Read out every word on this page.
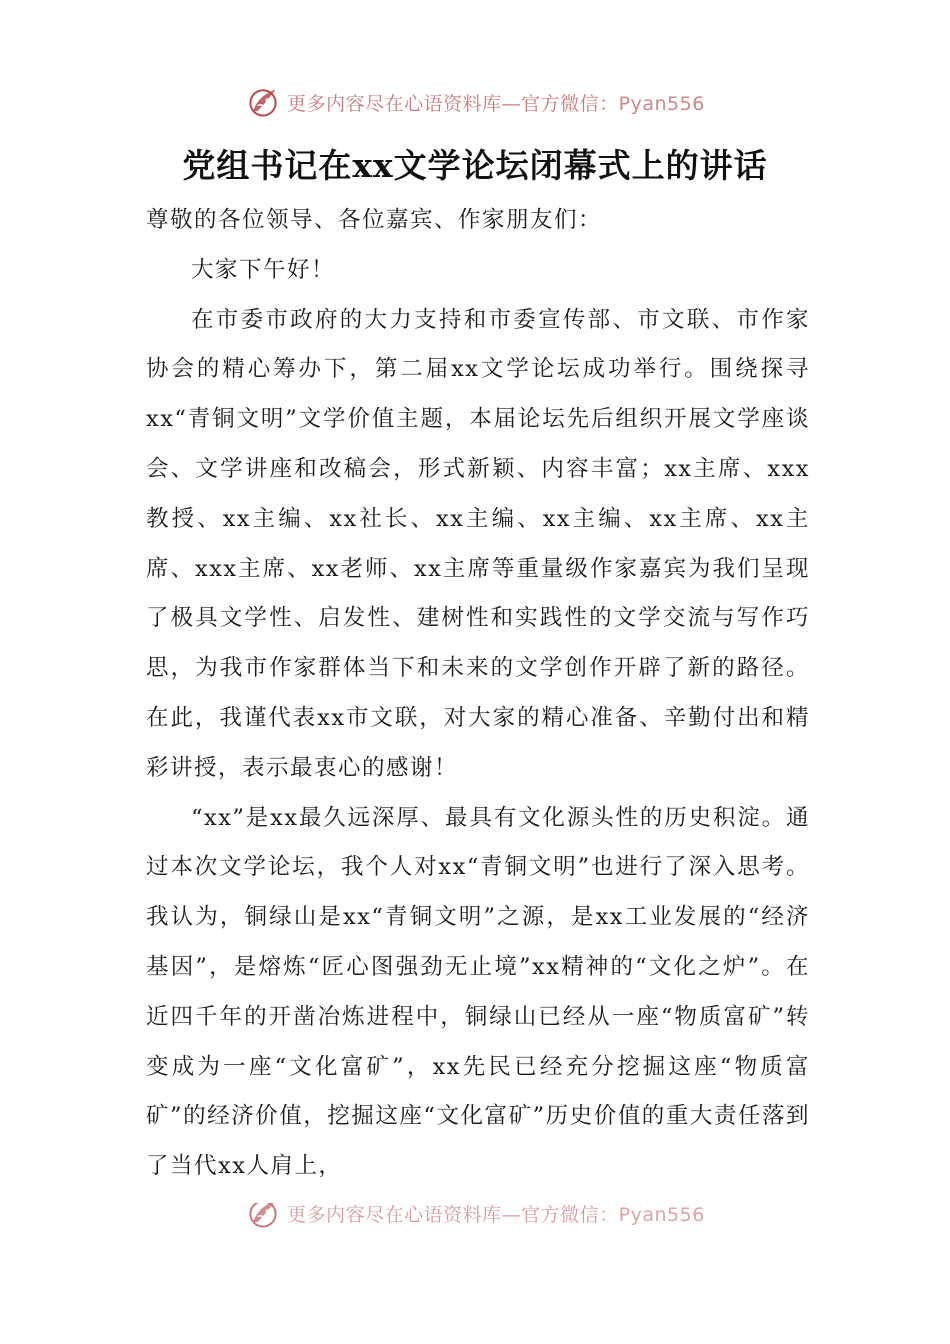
更多内容尽在心语资料库—官方微信：Pyan556
党组书记在xx文学论坛闭幕式上的讲话

尊敬的各位领导、各位嘉宾、作家朋友们：

大家下午好！

在市委市政府的大力支持和市委宣传部、市文联、市作家协会的精心筹办下，第二届xx文学论坛成功举行。围绕探寻xx“青铜文明”文学价值主题，本届论坛先后组织开展文学座谈会、文学讲座和改稿会，形式新颖、内容丰富；xx主席、xxx教授、xx主编、xx社长、xx主编、xx主编、xx主席、xx主席、xxx主席、xx老师、xx主席等重量级作家嘉宾为我们呈现了极具文学性、启发性、建树性和实践性的文学交流与写作巧思，为我市作家群体当下和未来的文学创作开辟了新的路径。在此，我谨代表xx市文联，对大家的精心准备、辛勤付出和精彩讲授，表示最衷心的感谢！

“xx”是xx最久远深厚、最具有文化源头性的历史积淀。通过本次文学论坛，我个人对xx“青铜文明”也进行了深入思考。我认为，铜绿山是xx“青铜文明”之源，是xx工业发展的“经济基因”，是熔炼“匠心图强劲无止境”xx精神的“文化之炉”。在近四千年的开凿冶炼进程中，铜绿山已经从一座“物质富矿”转变成为一座“文化富矿”，xx先民已经充分挖掘这座“物质富矿”的经济价值，挖掘这座“文化富矿”历史价值的重大责任落到了当代xx人肩上，

更多内容尽在心语资料库—官方微信：Pyan556
